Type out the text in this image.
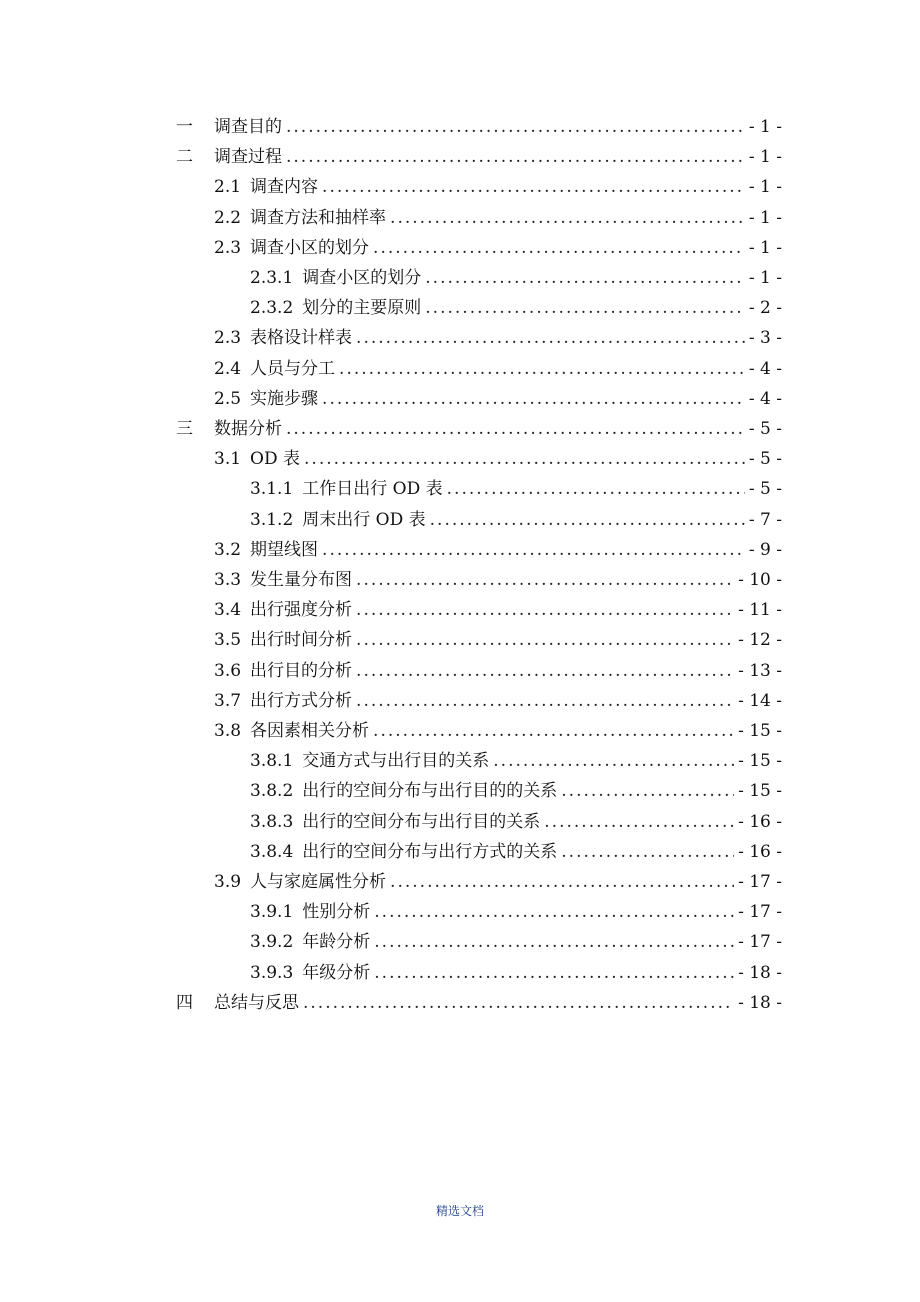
一 调查目的 .....	- 1 -
二 调查过程 .....	- 1 -
2.1 调查内容 .....	- 1 -
2.2 调查方法和抽样率 .....	- 1 -
2.3 调查小区的划分 .....	- 1 -
2.3.1 调查小区的划分 .....	- 1 -
2.3.2 划分的主要原则 .....	- 2 -
2.3 表格设计样表 .....	- 3 -
2.4 人员与分工 .....	- 4 -
2.5 实施步骤 .....	- 4 -
三 数据分析 .....	- 5 -
3.1 OD 表 .....	- 5 -
3.1.1 工作日出行 OD 表 .....	- 5 -
3.1.2 周末出行 OD 表 .....	- 7 -
3.2 期望线图 .....	- 9 -
3.3 发生量分布图 .....	- 10 -
3.4 出行强度分析 .....	- 11 -
3.5 出行时间分析 .....	- 12 -
3.6 出行目的分析 .....	- 13 -
3.7 出行方式分析 .....	- 14 -
3.8 各因素相关分析 .....	- 15 -
3.8.1 交通方式与出行目的关系 .....	- 15 -
3.8.2 出行的空间分布与出行目的的关系 .....	- 15 -
3.8.3 出行的空间分布与出行目的关系 .....	- 16 -
3.8.4 出行的空间分布与出行方式的关系 .....	- 16 -
3.9 人与家庭属性分析 .....	- 17 -
3.9.1 性别分析 .....	- 17 -
3.9.2 年龄分析 .....	- 17 -
3.9.3 年级分析 .....	- 18 -
四 总结与反思 .....	- 18 -
精选文档
